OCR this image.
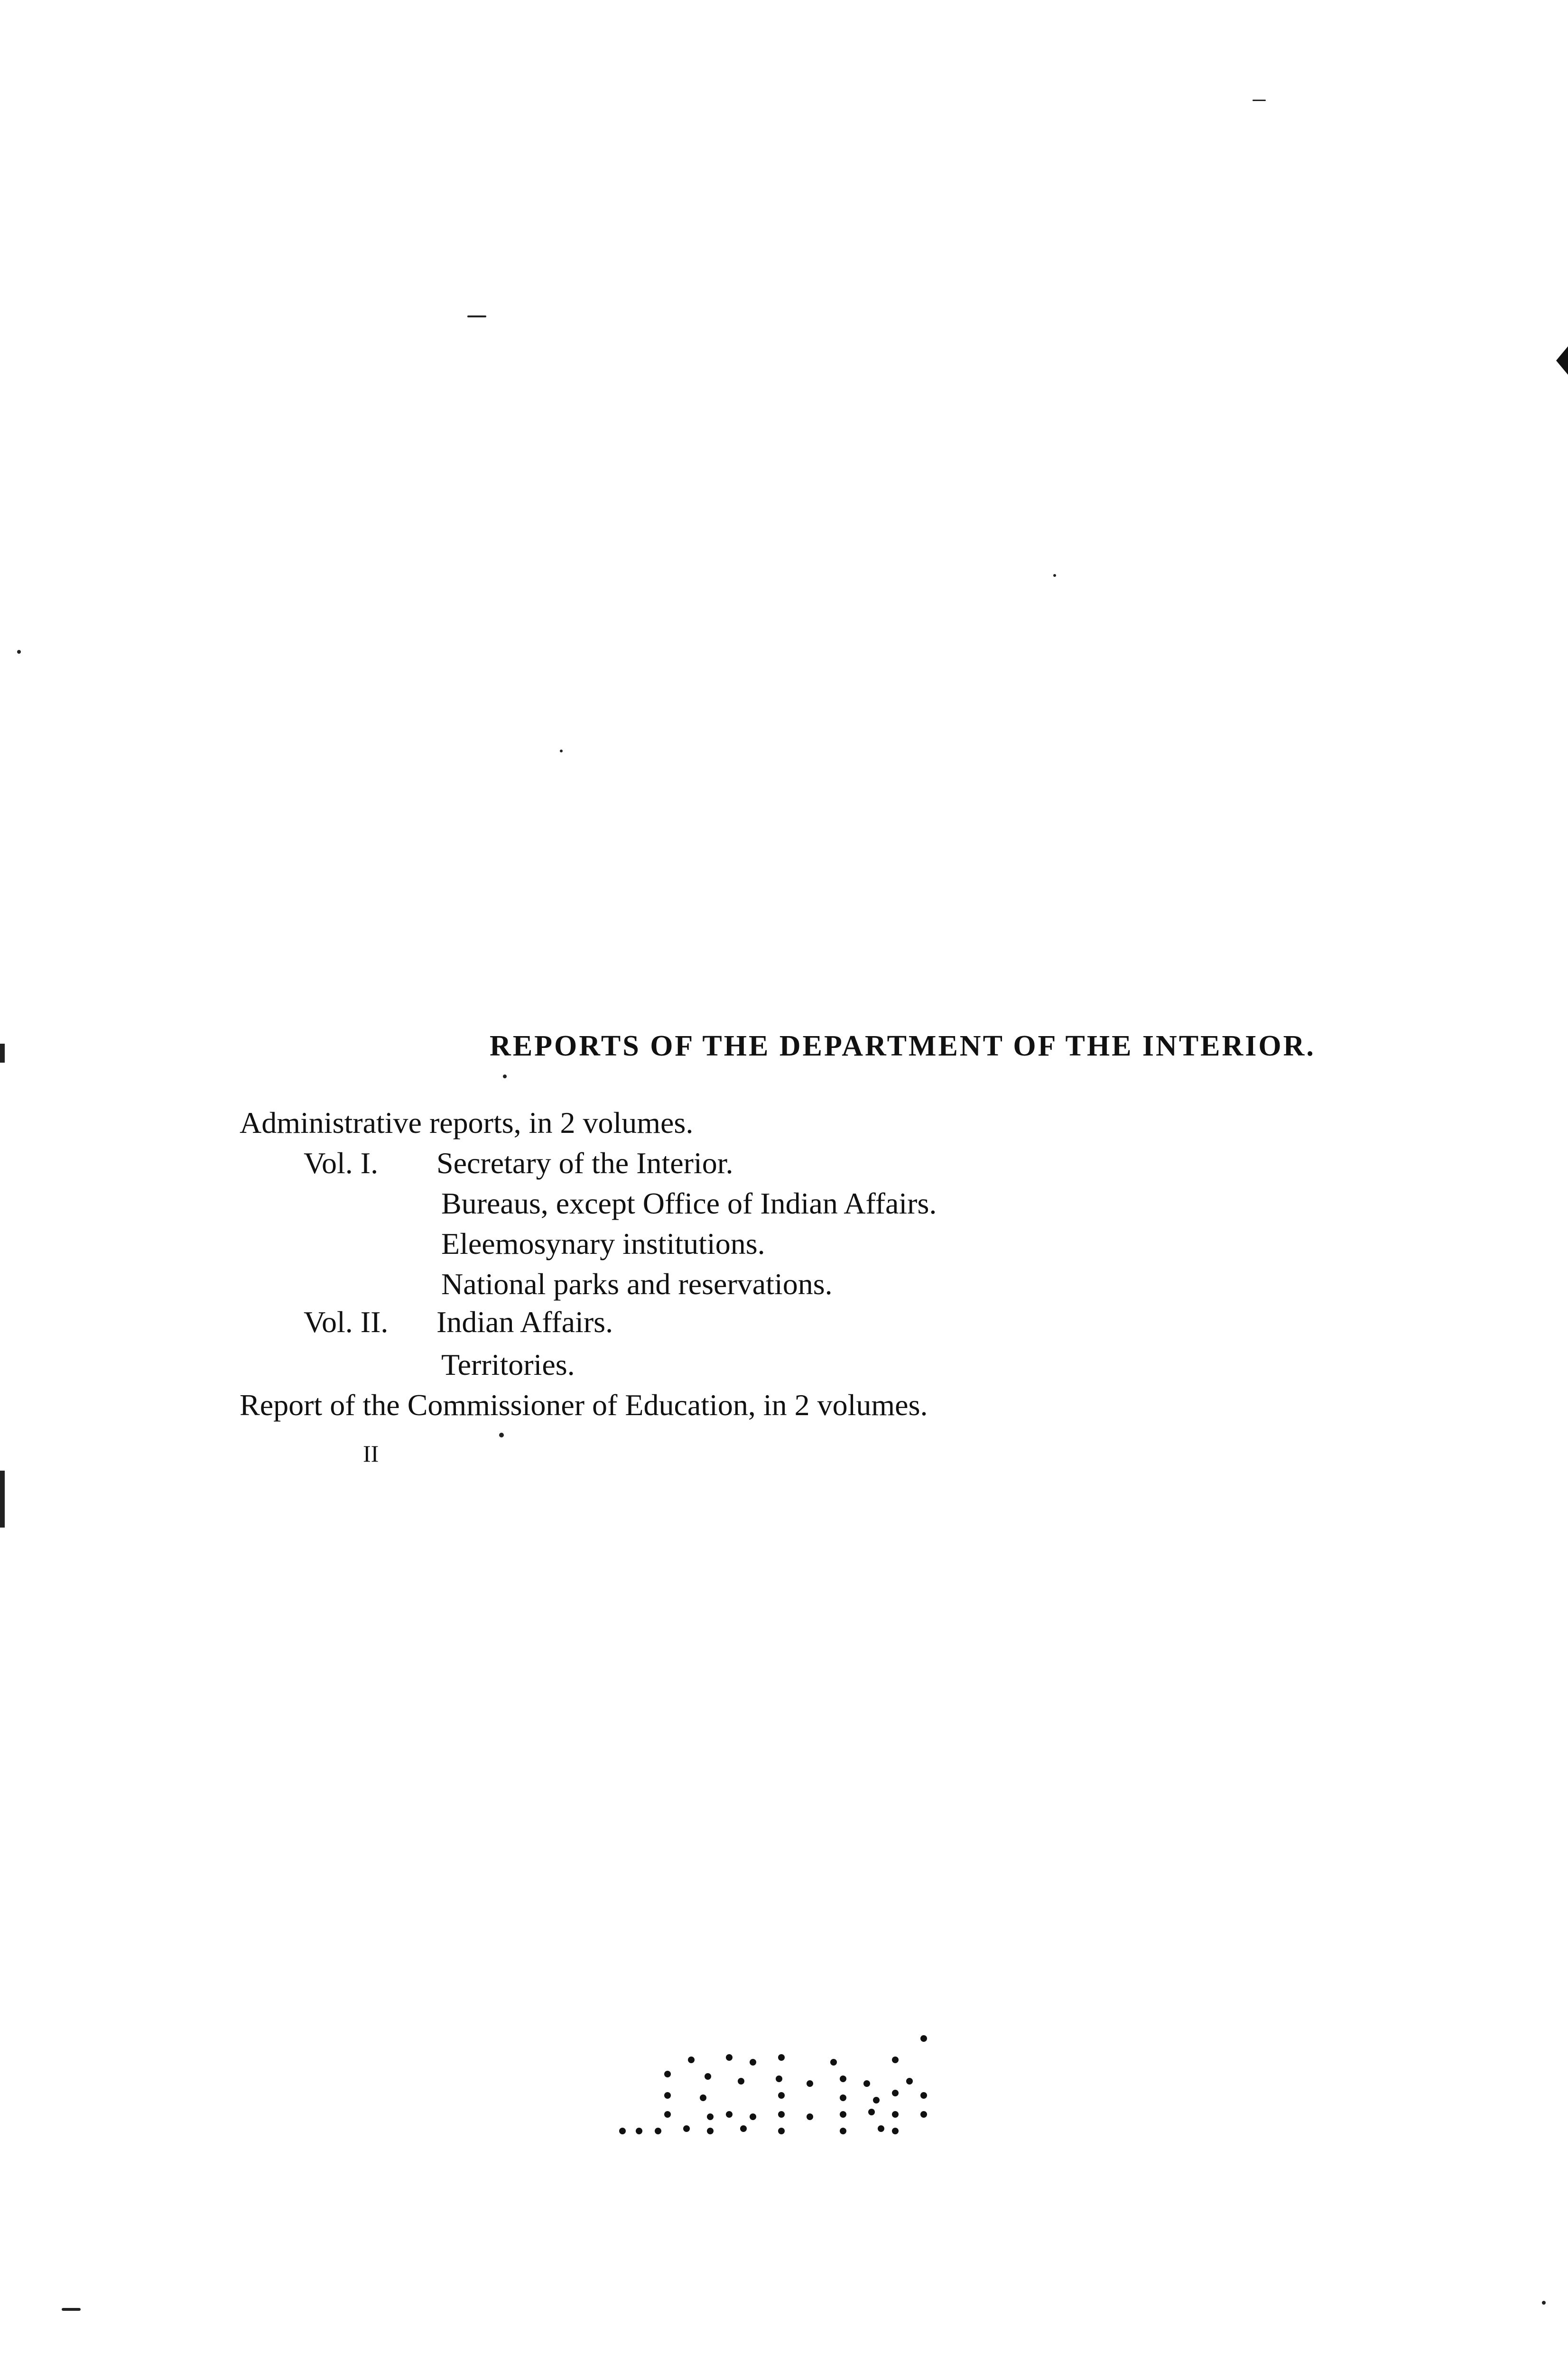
REPORTS OF THE DEPARTMENT OF THE INTERIOR.
Administrative reports, in 2 volumes.
Vol. I. Secretary of the Interior.
Bureaus, except Office of Indian Affairs.
Eleemosynary institutions.
National parks and reservations.
Vol. II. Indian Affairs.
Territories.
Report of the Commissioner of Education, in 2 volumes.
II
